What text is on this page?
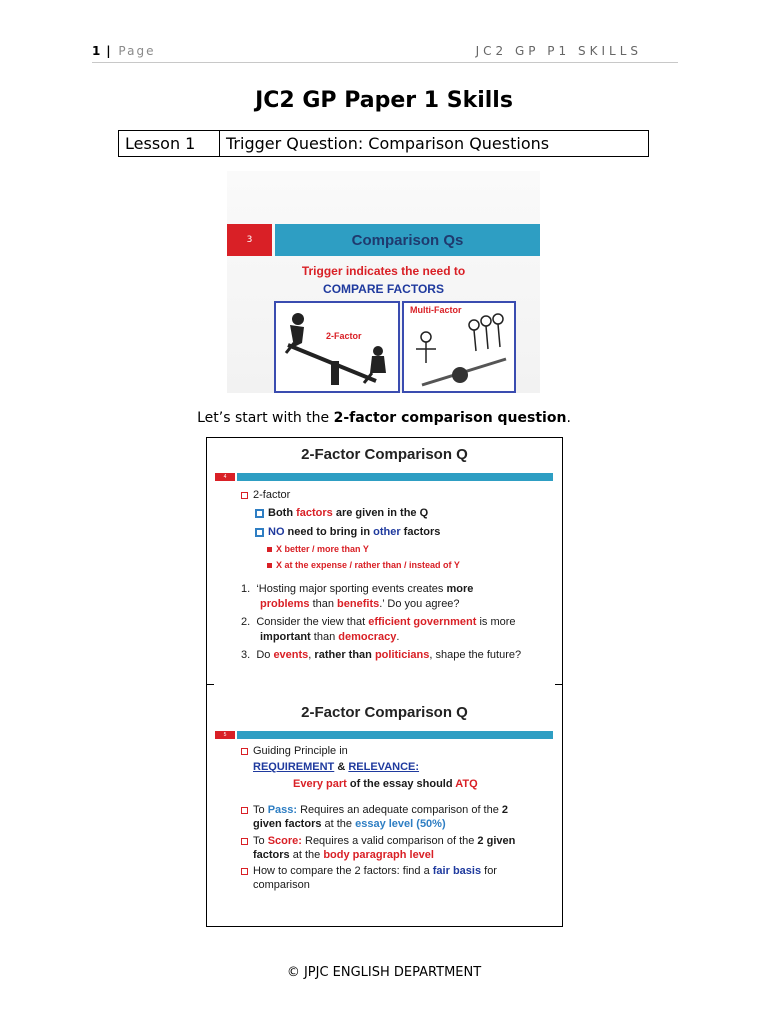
1 | Page	JC2 GP P1 SKILLS
JC2 GP Paper 1 Skills
Lesson 1	Trigger Question: Comparison Questions
3	Comparison Qs
Trigger indicates the need to
COMPARE FACTORS
2-Factor
Multi-Factor
Let’s start with the 2-factor comparison question.
2-Factor Comparison Q
4
2-factor
Both factors are given in the Q
NO need to bring in other factors
X better / more than Y
X at the expense / rather than / instead of Y
1. ‘Hosting major sporting events creates more
problems than benefits.’ Do you agree?
2. Consider the view that efficient government is more
important than democracy.
3. Do events, rather than politicians, shape the future?
2-Factor Comparison Q
5
Guiding Principle in
REQUIREMENT & RELEVANCE:
Every part of the essay should ATQ
To Pass: Requires an adequate comparison of the 2
given factors at the essay level (50%)
To Score: Requires a valid comparison of the 2 given
factors at the body paragraph level
How to compare the 2 factors: find a fair basis for
comparison
© JPJC ENGLISH DEPARTMENT
